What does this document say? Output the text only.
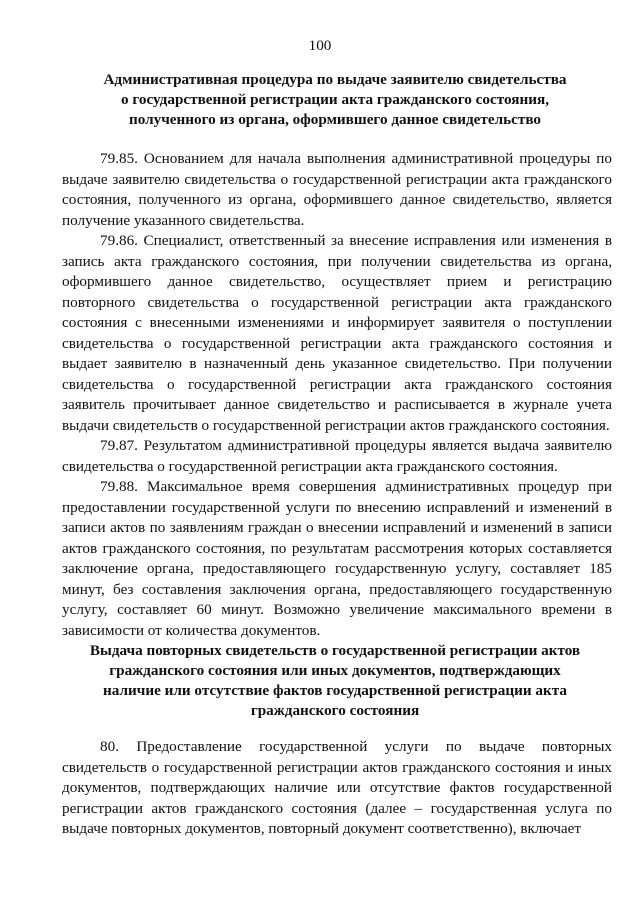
100
Административная процедура по выдаче заявителю свидетельства
о государственной регистрации акта гражданского состояния,
полученного из органа, оформившего данное свидетельство

79.85. Основанием для начала выполнения административной процедуры по выдаче заявителю свидетельства о государственной регистрации акта гражданского состояния, полученного из органа, оформившего данное свидетельство, является получение указанного свидетельства.

79.86. Специалист, ответственный за внесение исправления или изменения в запись акта гражданского состояния, при получении свидетельства из органа, оформившего данное свидетельство, осуществляет прием и регистрацию повторного свидетельства о государственной регистрации акта гражданского состояния с внесенными изменениями и информирует заявителя о поступлении свидетельства о государственной регистрации акта гражданского состояния и выдает заявителю в назначенный день указанное свидетельство. При получении свидетельства о государственной регистрации акта гражданского состояния заявитель прочитывает данное свидетельство и расписывается в журнале учета выдачи свидетельств о государственной регистрации актов гражданского состояния.

79.87. Результатом административной процедуры является выдача заявителю свидетельства о государственной регистрации акта гражданского состояния.

79.88. Максимальное время совершения административных процедур при предоставлении государственной услуги по внесению исправлений и изменений в записи актов по заявлениям граждан о внесении исправлений и изменений в записи актов гражданского состояния, по результатам рассмотрения которых составляется заключение органа, предоставляющего государственную услугу, составляет 185 минут, без составления заключения органа, предоставляющего государственную услугу, составляет 60 минут. Возможно увеличение максимального времени в зависимости от количества документов.

Выдача повторных свидетельств о государственной регистрации актов
гражданского состояния или иных документов, подтверждающих
наличие или отсутствие фактов государственной регистрации акта
гражданского состояния

80. Предоставление государственной услуги по выдаче повторных свидетельств о государственной регистрации актов гражданского состояния и иных документов, подтверждающих наличие или отсутствие фактов государственной регистрации актов гражданского состояния (далее – государственная услуга по выдаче повторных документов, повторный документ соответственно), включает
